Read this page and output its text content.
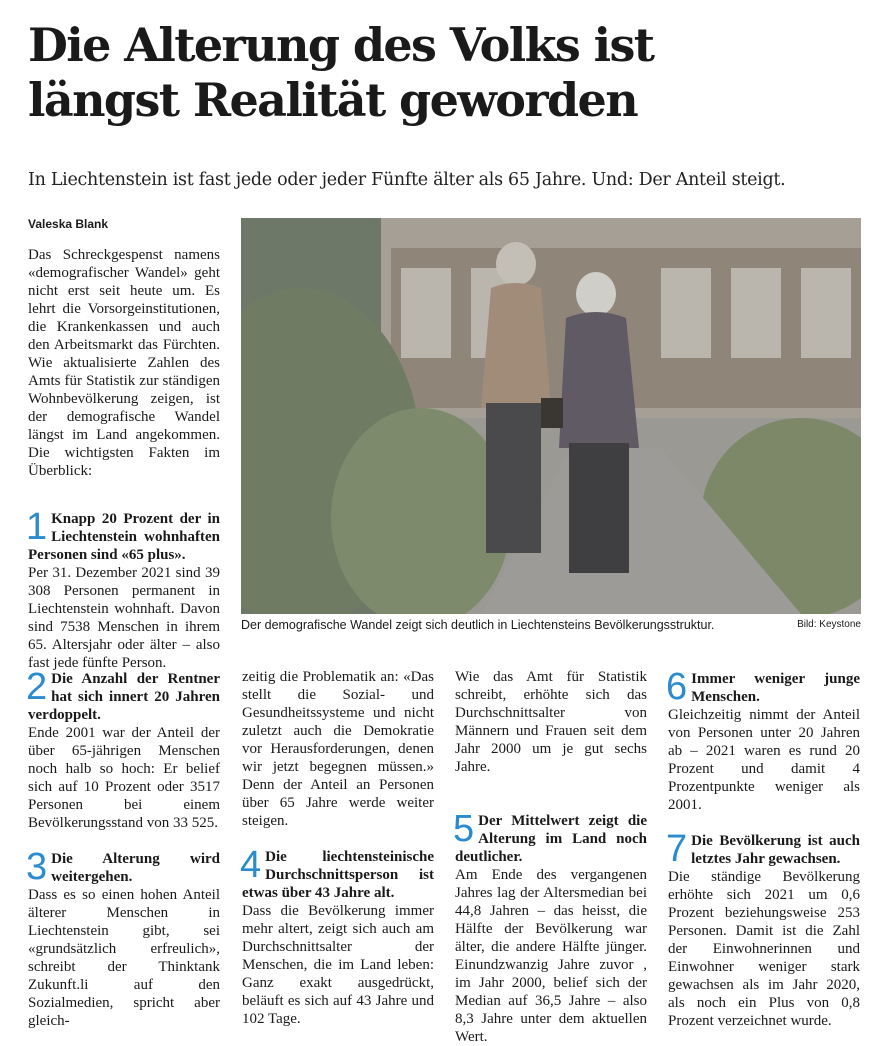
Die Alterung des Volks ist
längst Realität geworden

In Liechtenstein ist fast jede oder jeder Fünfte älter als 65 Jahre. Und: Der Anteil steigt.

Valeska Blank

Das Schreckgespenst namens «demografischer Wandel» geht nicht erst seit heute um. Es lehrt die Vorsorgeinstitutionen, die Krankenkassen und auch den Arbeitsmarkt das Fürchten. Wie aktualisierte Zahlen des Amts für Statistik zur ständigen Wohnbevölkerung zeigen, ist der demografische Wandel längst im Land angekommen. Die wichtigsten Fakten im Überblick:

1 Knapp 20 Prozent der in Liechtenstein wohnhaften Personen sind «65 plus».

Per 31. Dezember 2021 sind 39 308 Personen permanent in Liechtenstein wohnhaft. Davon sind 7538 Menschen in ihrem 65. Altersjahr oder älter – also fast jede fünfte Person.

Der demografische Wandel zeigt sich deutlich in Liechtensteins Bevölkerungsstruktur.	Bild: Keystone
2 Die Anzahl der Rentner hat sich innert 20 Jahren verdoppelt.

Ende 2001 war der Anteil der über 65-jährigen Menschen noch halb so hoch: Er belief sich auf 10 Prozent oder 3517 Personen bei einem Bevölkerungsstand von 33 525.

3 Die Alterung wird weitergehen.

Dass es so einen hohen Anteil älterer Menschen in Liechtenstein gibt, sei «grundsätzlich erfreulich», schreibt der Thinktank Zukunft.li auf den Sozialmedien, spricht aber gleich-

zeitig die Problematik an: «Das stellt die Sozial- und Gesundheitssysteme und nicht zuletzt auch die Demokratie vor Herausforderungen, denen wir jetzt begegnen müssen.» Denn der Anteil an Personen über 65 Jahre werde weiter steigen.

4 Die liechtensteinische Durchschnittsperson ist etwas über 43 Jahre alt.

Dass die Bevölkerung immer mehr altert, zeigt sich auch am Durchschnittsalter der Menschen, die im Land leben: Ganz exakt ausgedrückt, beläuft es sich auf 43 Jahre und 102 Tage.

Wie das Amt für Statistik schreibt, erhöhte sich das Durchschnittsalter von Männern und Frauen seit dem Jahr 2000 um je gut sechs Jahre.

5 Der Mittelwert zeigt die Alterung im Land noch deutlicher.

Am Ende des vergangenen Jahres lag der Altersmedian bei 44,8 Jahren – das heisst, die Hälfte der Bevölkerung war älter, die andere Hälfte jünger. Einundzwanzig Jahre zuvor , im Jahr 2000, belief sich der Median auf 36,5 Jahre – also 8,3 Jahre unter dem aktuellen Wert.

6 Immer weniger junge Menschen.

Gleichzeitig nimmt der Anteil von Personen unter 20 Jahren ab – 2021 waren es rund 20 Prozent und damit 4 Prozentpunkte weniger als 2001.

7 Die Bevölkerung ist auch letztes Jahr gewachsen.

Die ständige Bevölkerung erhöhte sich 2021 um 0,6 Prozent beziehungsweise 253 Personen. Damit ist die Zahl der Einwohnerinnen und Einwohner weniger stark gewachsen als im Jahr 2020, als noch ein Plus von 0,8 Prozent verzeichnet wurde.
